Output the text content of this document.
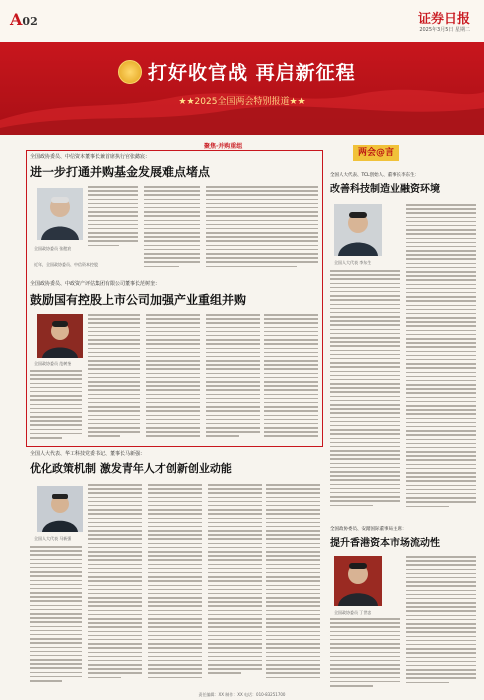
A02	证券日报
2025年3月5日 星期二
打好收官战 再启新征程
★★2025全国两会特别报道★★
聚焦·并购重组
全国政协委员、中信资本董事长兼首席执行官张懿宸：
进一步打通并购基金发展难点堵点
全国政协委员 张懿宸
近年，全国政协委员、中信资本控股
全国政协委员、中政资产评估集团有限公司董事长范树奎：
鼓励国有控股上市公司加强产业重组并购
全国政协委员 范树奎
全国人大代表、华工科技党委书记、董事长马新强：
优化政策机制 激发青年人才创新创业动能
全国人大代表 马新强
两会@言
全国人大代表、TCL创始人、董事长李东生：
改善科技制造业融资环境
全国人大代表 李东生
全国政协委员、安踏国际董事局主席：
提升香港资本市场流动性
全国政协委员 丁世忠
责任编辑：XX 制作：XX 电话：010-83251700
